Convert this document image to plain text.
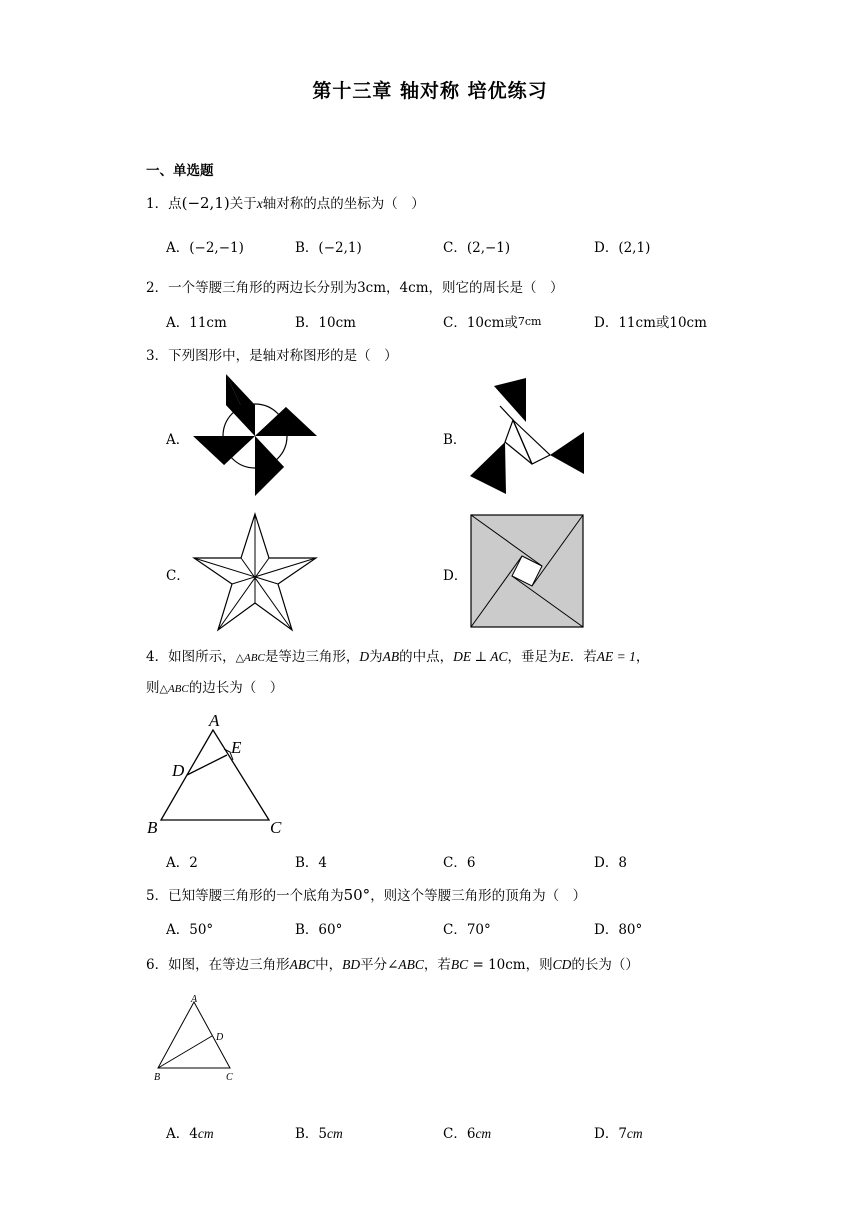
第十三章 轴对称 培优练习
一、单选题
1．点(−2,1)关于x轴对称的点的坐标为（　）
A．(−2,−1)	B．(−2,1)	C．(2,−1)	D．(2,1)
2．一个等腰三角形的两边长分别为3cm，4cm，则它的周长是（　）
A．11cm	B．10cm	C．10cm或7cm	D．11cm或10cm
3．下列图形中，是轴对称图形的是（　）
A．	B．
C．	D．
4．如图所示，△ABC是等边三角形，D为AB的中点，DE ⊥ AC，垂足为E．若AE = 1，
则△ABC的边长为（　）
A
E
D
B	C
A．2	B．4	C．6	D．8
5．已知等腰三角形的一个底角为50°，则这个等腰三角形的顶角为（　）
A．50°	B．60°	C．70°	D．80°
6．如图，在等边三角形ABC中，BD平分∠ABC，若BC = 10cm，则CD的长为（）
A
D
B	C
A．4cm	B．5cm	C．6cm	D．7cm
